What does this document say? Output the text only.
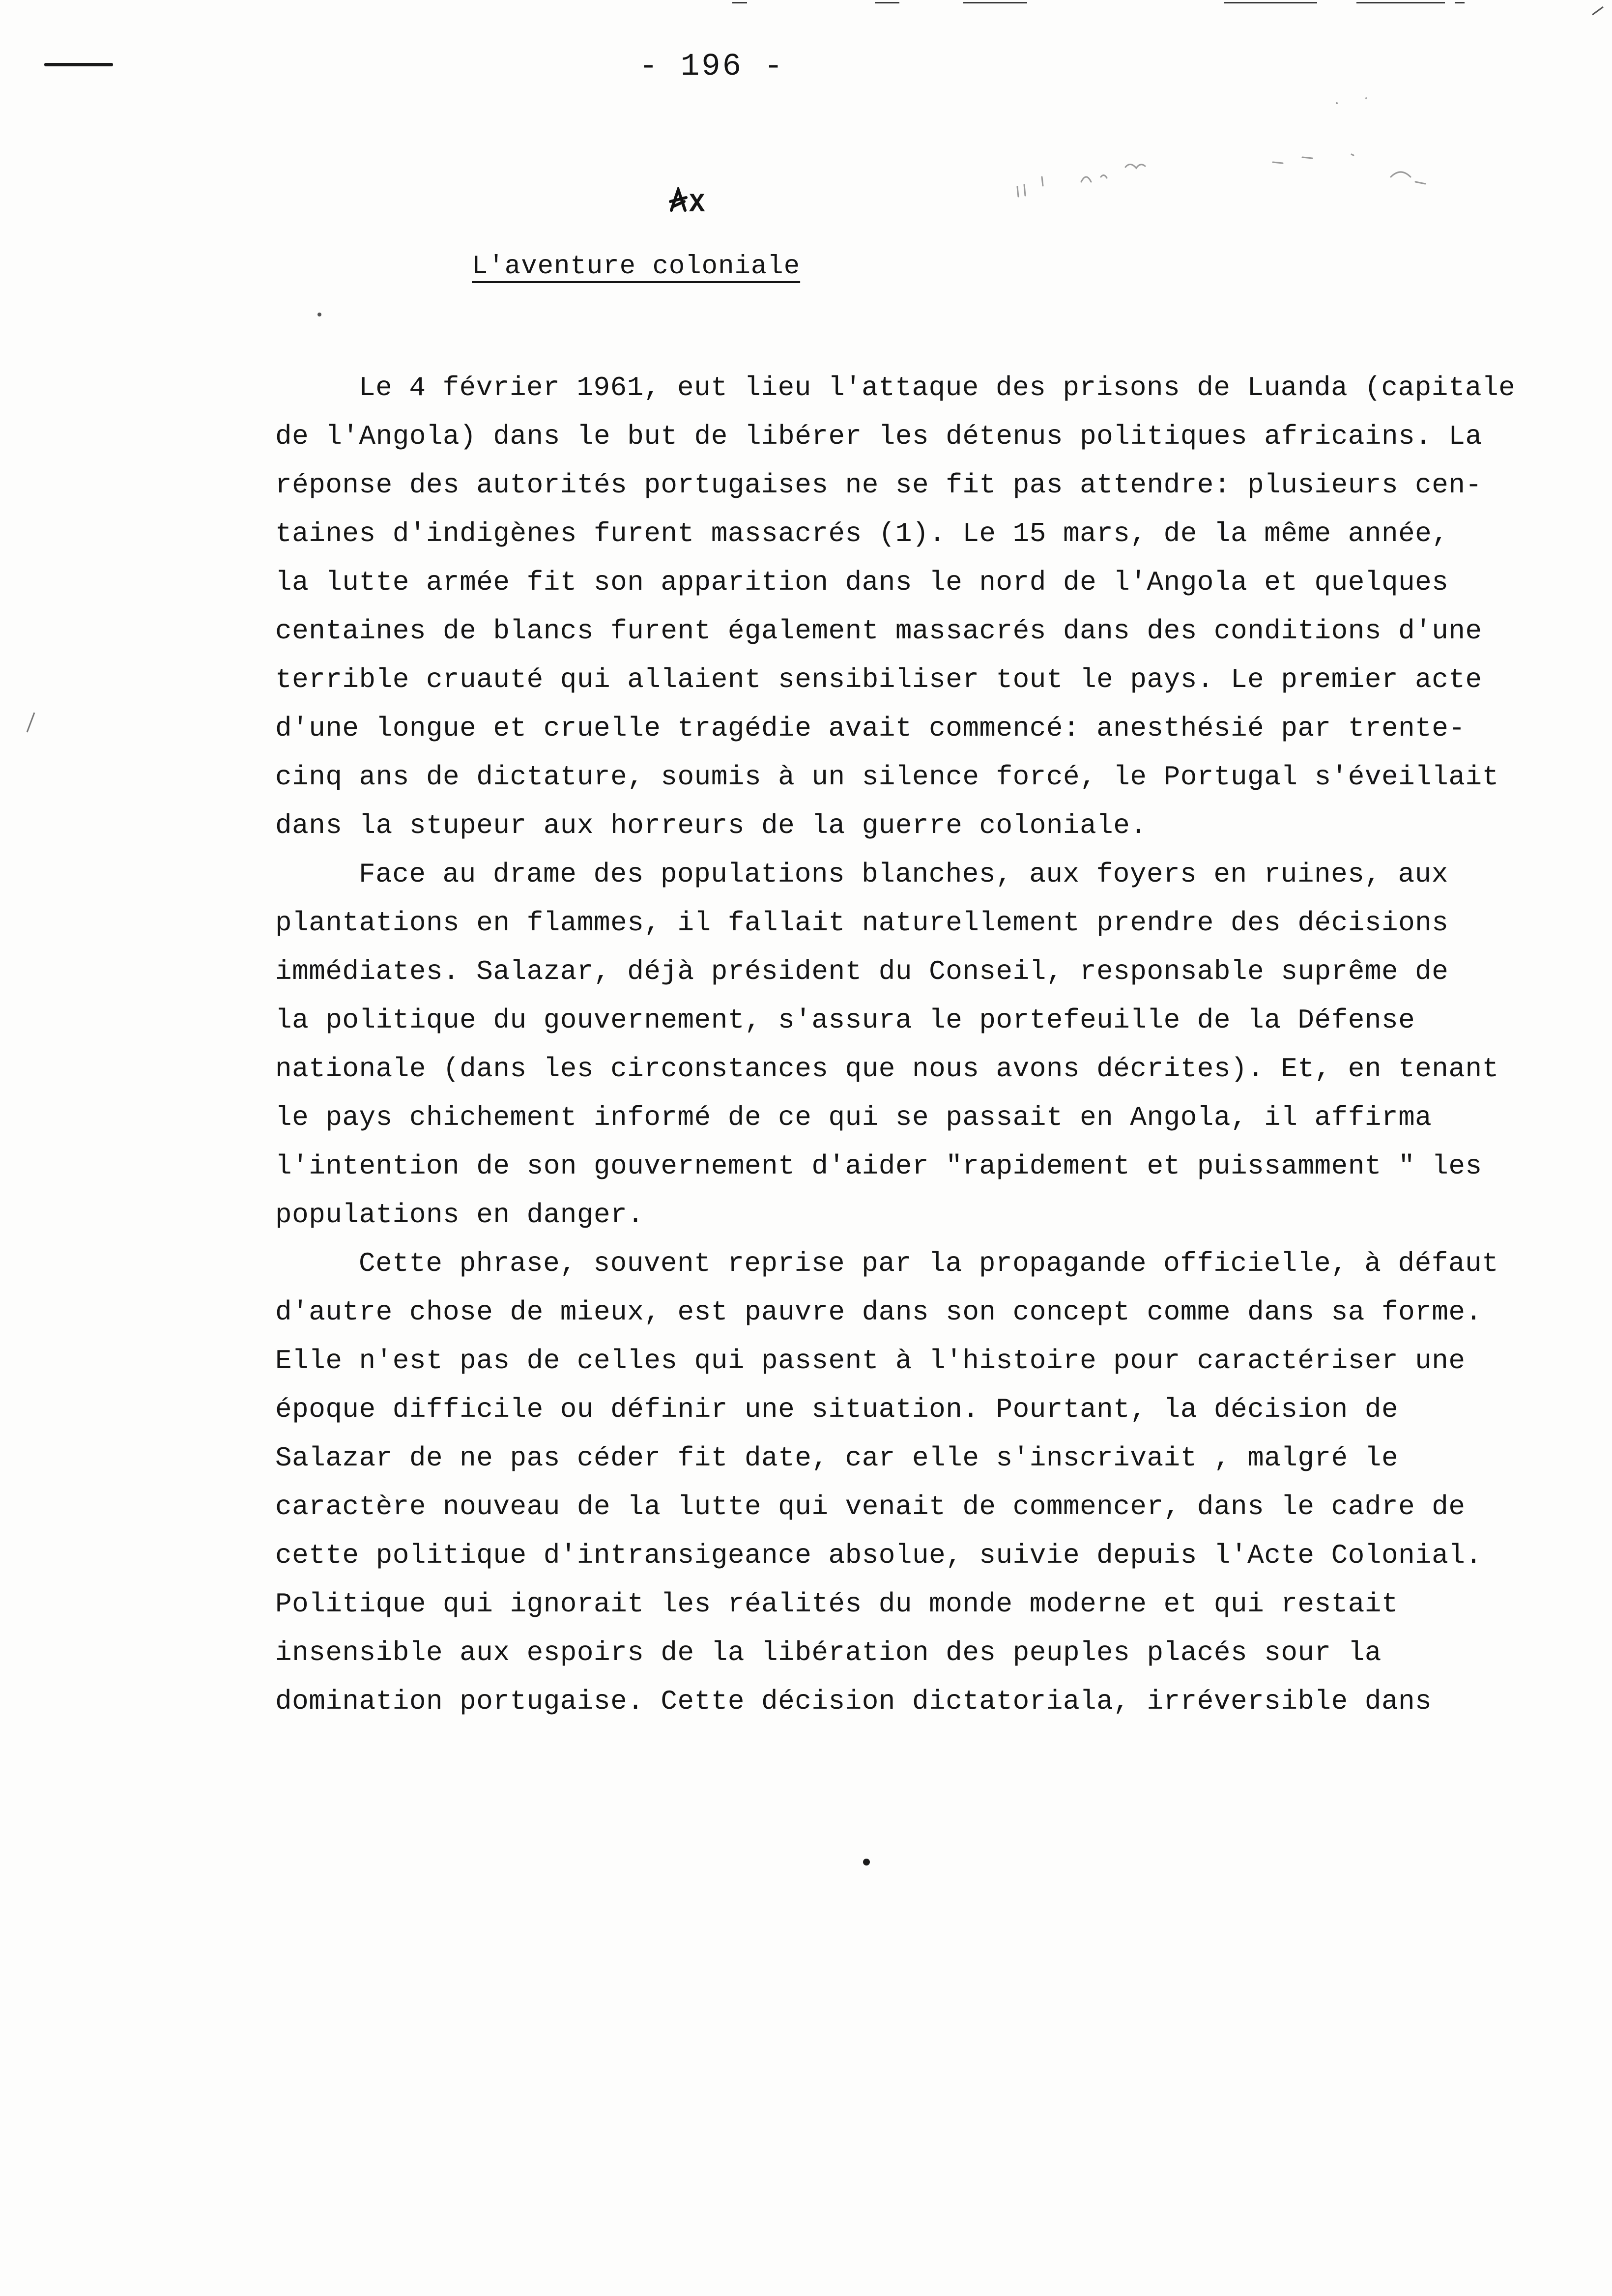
- 196 -
X
L'aventure coloniale
Le 4 février 1961, eut lieu l'attaque des prisons de Luanda (capitale
de l'Angola) dans le but de libérer les détenus politiques africains. La
réponse des autorités portugaises ne se fit pas attendre: plusieurs cen-
taines d'indigènes furent massacrés (1). Le 15 mars, de la même année,
la lutte armée fit son apparition dans le nord de l'Angola et quelques
centaines de blancs furent également massacrés dans des conditions d'une
terrible cruauté qui allaient sensibiliser tout le pays. Le premier acte
d'une longue et cruelle tragédie avait commencé: anesthésié par trente-
cinq ans de dictature, soumis à un silence forcé, le Portugal s'éveillait
dans la stupeur aux horreurs de la guerre coloniale.
Face au drame des populations blanches, aux foyers en ruines, aux
plantations en flammes, il fallait naturellement prendre des décisions
immédiates. Salazar, déjà président du Conseil, responsable suprême de
la politique du gouvernement, s'assura le portefeuille de la Défense
nationale (dans les circonstances que nous avons décrites). Et, en tenant
le pays chichement informé de ce qui se passait en Angola, il affirma
l'intention de son gouvernement d'aider "rapidement et puissamment " les
populations en danger.
Cette phrase, souvent reprise par la propagande officielle, à défaut
d'autre chose de mieux, est pauvre dans son concept comme dans sa forme.
Elle n'est pas de celles qui passent à l'histoire pour caractériser une
époque difficile ou définir une situation. Pourtant, la décision de
Salazar de ne pas céder fit date, car elle s'inscrivait , malgré le
caractère nouveau de la lutte qui venait de commencer, dans le cadre de
cette politique d'intransigeance absolue, suivie depuis l'Acte Colonial.
Politique qui ignorait les réalités du monde moderne et qui restait
insensible aux espoirs de la libération des peuples placés sour la
domination portugaise. Cette décision dictatoriala, irréversible dans
